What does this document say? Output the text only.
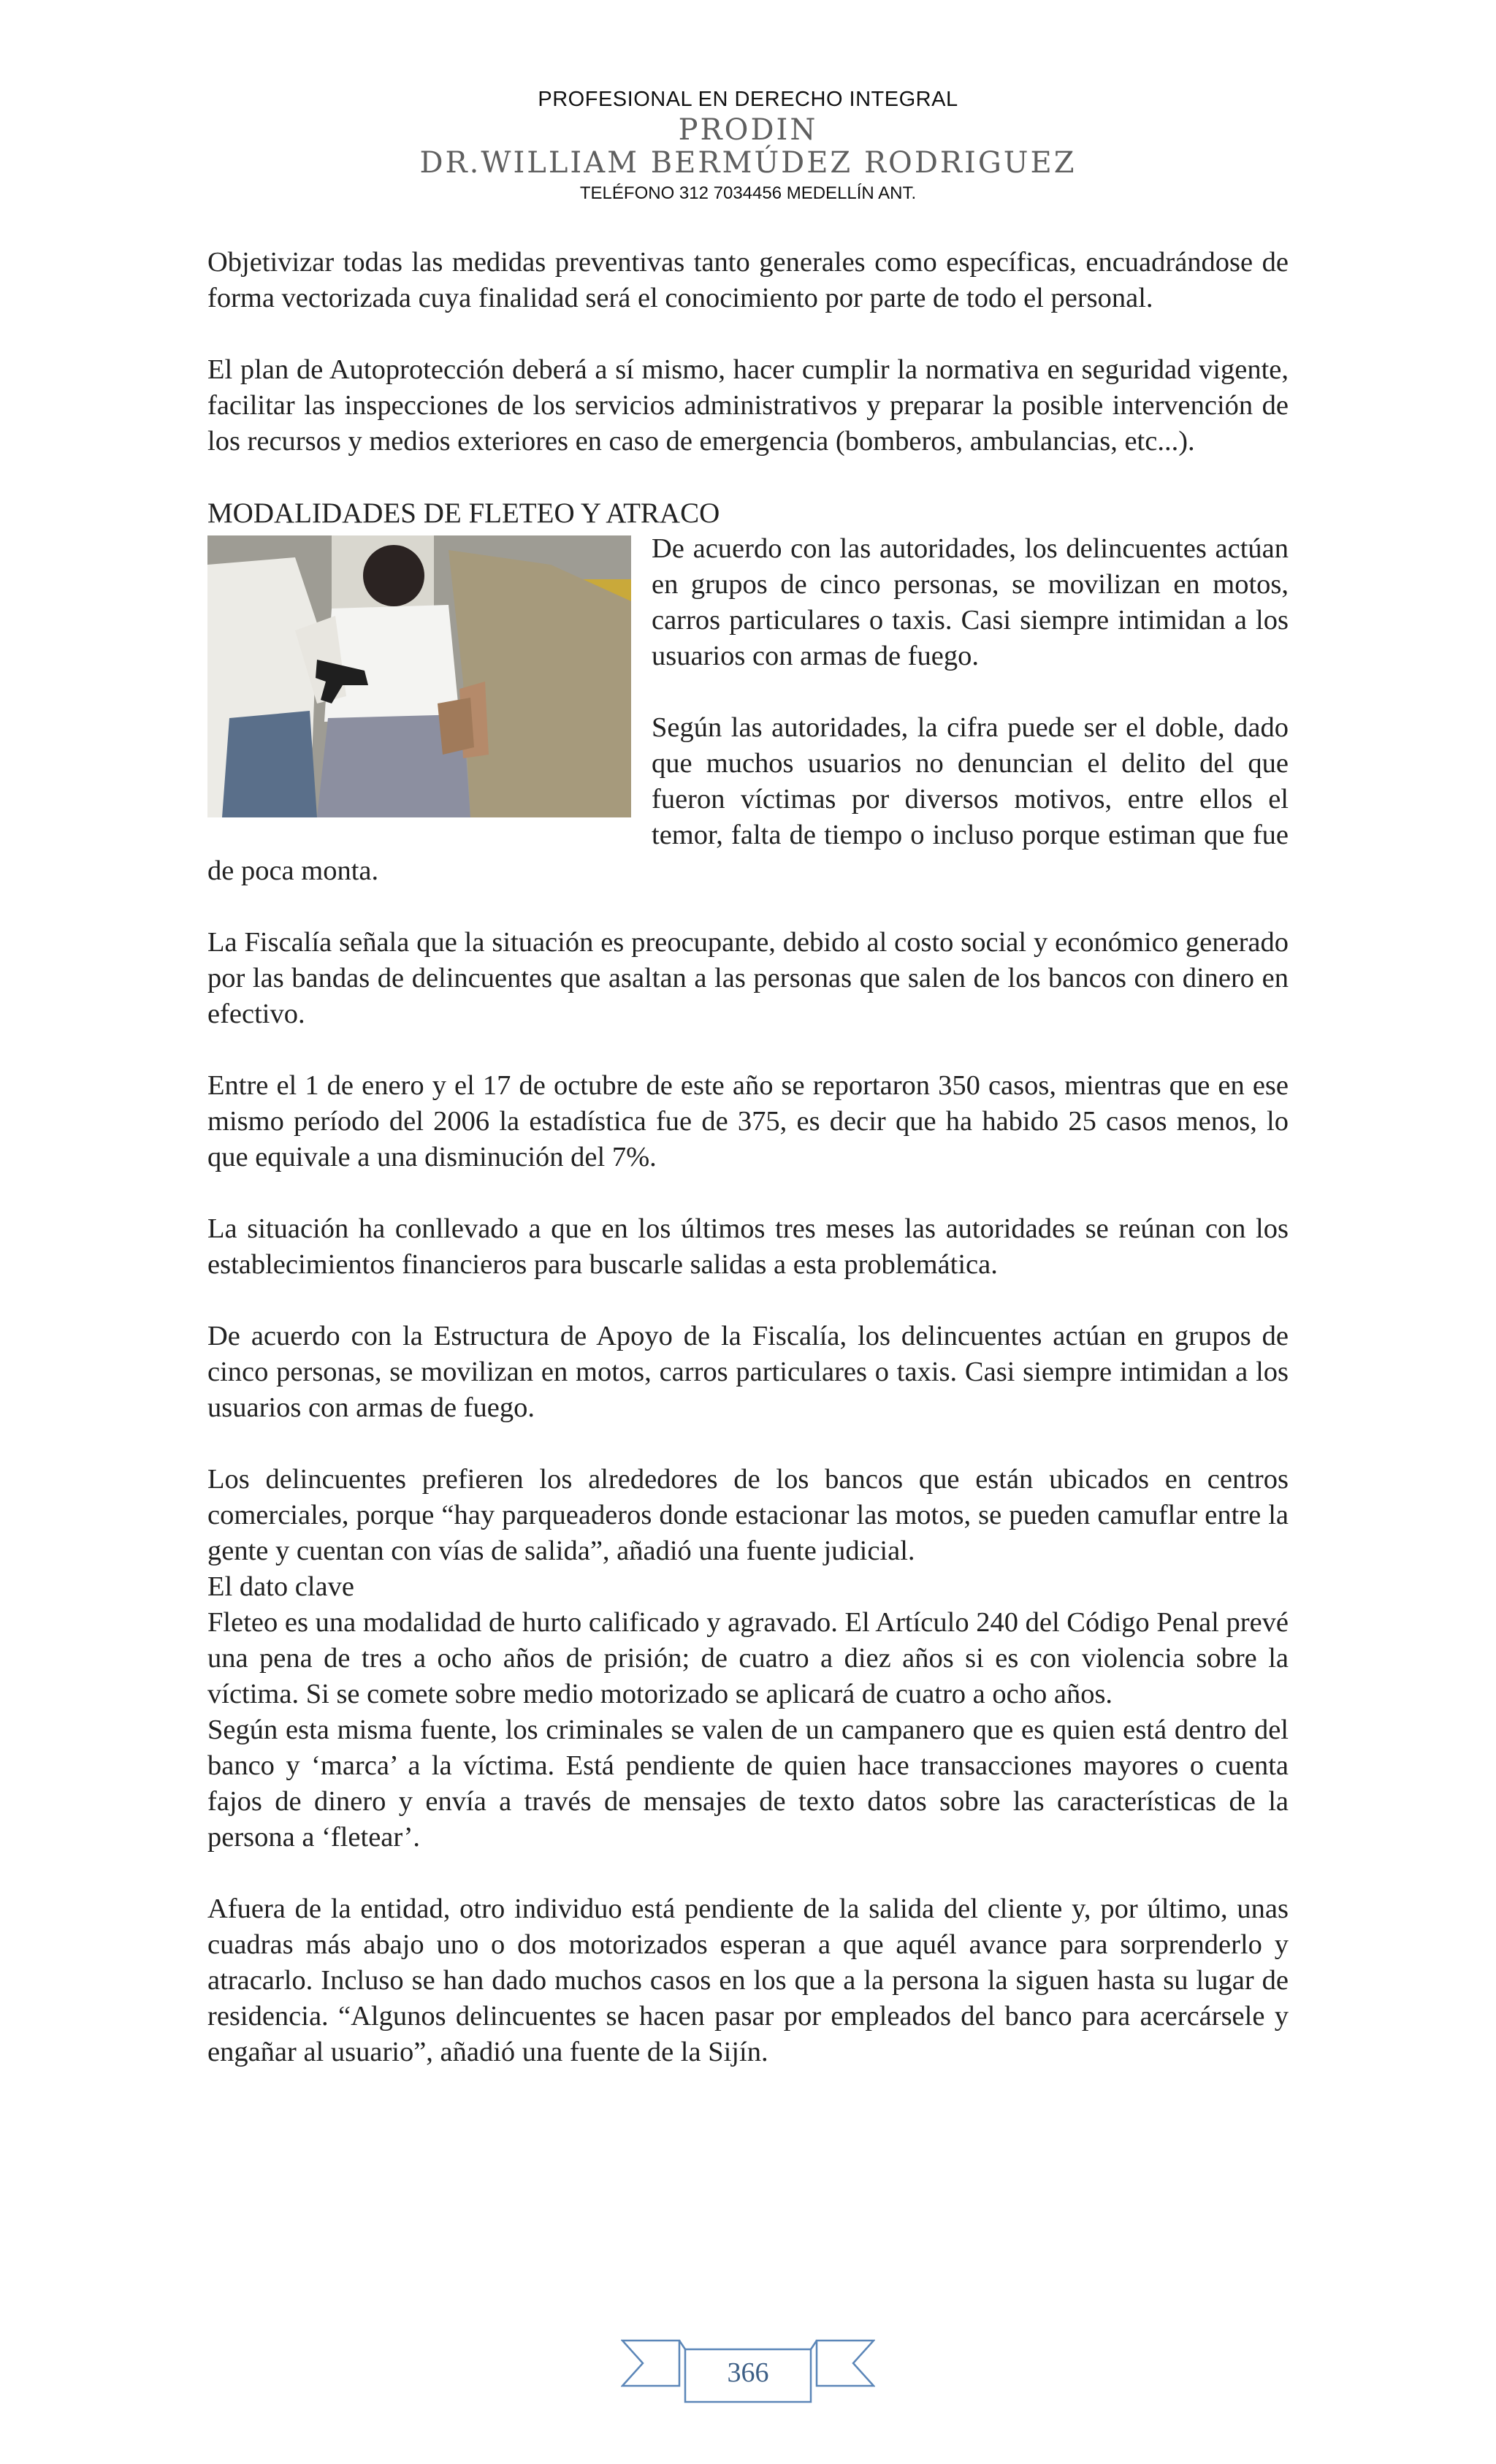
PROFESIONAL EN DERECHO INTEGRAL
PRODIN
DR.WILLIAM BERMÚDEZ RODRIGUEZ
TELÉFONO 312 7034456 MEDELLÍN ANT.

Objetivizar todas las medidas preventivas tanto generales como específicas, encuadrándose de forma vectorizada cuya finalidad será el conocimiento por parte de todo el personal.

El plan de Autoprotección deberá a sí mismo, hacer cumplir la normativa en seguridad vigente, facilitar las inspecciones de los servicios administrativos y preparar la posible intervención de los recursos y medios exteriores en caso de emergencia (bomberos, ambulancias, etc...).

MODALIDADES DE FLETEO Y ATRACO

De acuerdo con las autoridades, los delincuentes actúan en grupos de cinco personas, se movilizan en motos, carros particulares o taxis. Casi siempre intimidan a los usuarios con armas de fuego.

Según las autoridades, la cifra puede ser el doble, dado que muchos usuarios no denuncian el delito del que fueron víctimas por diversos motivos, entre ellos el temor, falta de tiempo o incluso porque estiman que fue de poca monta.

La Fiscalía señala que la situación es preocupante, debido al costo social y económico generado por las bandas de delincuentes que asaltan a las personas que salen de los bancos con dinero en efectivo.

Entre el 1 de enero y el 17 de octubre de este año se reportaron 350 casos, mientras que en ese mismo período del 2006 la estadística fue de 375, es decir que ha habido 25 casos menos, lo que equivale a una disminución del 7%.

La situación ha conllevado a que en los últimos tres meses las autoridades se reúnan con los establecimientos financieros para buscarle salidas a esta problemática.

De acuerdo con la Estructura de Apoyo de la Fiscalía, los delincuentes actúan en grupos de cinco personas, se movilizan en motos, carros particulares o taxis. Casi siempre intimidan a los usuarios con armas de fuego.

Los delincuentes prefieren los alrededores de los bancos que están ubicados en centros comerciales, porque “hay parqueaderos donde estacionar las motos, se pueden camuflar entre la gente y cuentan con vías de salida”, añadió una fuente judicial.

El dato clave

Fleteo es una modalidad de hurto calificado y agravado. El Artículo 240 del Código Penal prevé una pena de tres a ocho años de prisión; de cuatro a diez años si es con violencia sobre la víctima. Si se comete sobre medio motorizado se aplicará de cuatro a ocho años.

Según esta misma fuente, los criminales se valen de un campanero que es quien está dentro del banco y ‘marca’ a la víctima. Está pendiente de quien hace transacciones mayores o cuenta fajos de dinero y envía a través de mensajes de texto datos sobre las características de la persona a ‘fletear’.

Afuera de la entidad, otro individuo está pendiente de la salida del cliente y, por último, unas cuadras más abajo uno o dos motorizados esperan a que aquél avance para sorprenderlo y atracarlo. Incluso se han dado muchos casos en los que a la persona la siguen hasta su lugar de residencia. “Algunos delincuentes se hacen pasar por empleados del banco para acercársele y engañar al usuario”, añadió una fuente de la Sijín.

366
